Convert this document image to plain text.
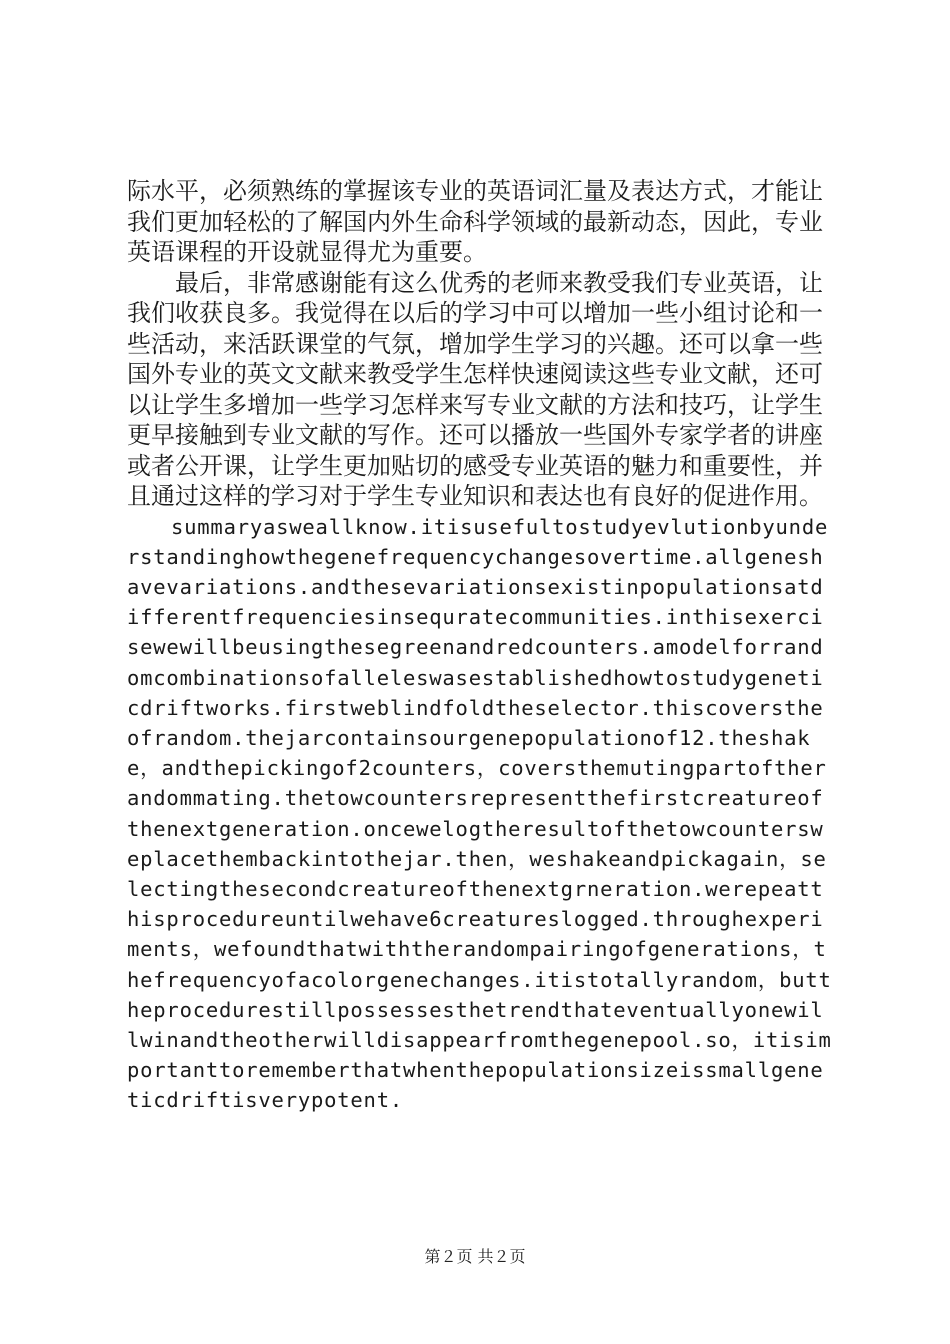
际水平，必须熟练的掌握该专业的英语词汇量及表达方式，才能让我们更加轻松的了解国内外生命科学领域的最新动态，因此，专业英语课程的开设就显得尤为重要。

最后，非常感谢能有这么优秀的老师来教受我们专业英语，让我们收获良多。我觉得在以后的学习中可以增加一些小组讨论和一些活动，来活跃课堂的气氛，增加学生学习的兴趣。还可以拿一些国外专业的英文文献来教受学生怎样快速阅读这些专业文献，还可以让学生多增加一些学习怎样来写专业文献的方法和技巧，让学生更早接触到专业文献的写作。还可以播放一些国外专家学者的讲座或者公开课，让学生更加贴切的感受专业英语的魅力和重要性，并且通过这样的学习对于学生专业知识和表达也有良好的促进作用。

summaryasweallknow.itisusefultostudyevlutionbyunderstandinghowthegenefrequencychangesovertime.allgeneshavevariations.andthesevariationsexistinpopulationsatdifferentfrequenciesinsequratecommunities.inthisexercisewewillbeusingthesegreenandredcounters.amodelforrandomcombinationsofalleleswasestablishedhowtostudygeneticdriftworks.firstweblindfoldtheselector.thiscoverstheofrandom.thejarcontainsourgenepopulationof12.theshake，andthepickingof2counters，coversthemutingpartoftherandommating.thetowcountersrepresentthefirstcreatureofthenextgeneration.oncewelogtheresultofthetowcounterswеplacethembackintothejar.then，weshakeandpickagain，selectingthesecondcreatureofthenextgrneration.werepeatthisprocedureuntilwehave6creatureslogged.throughexperiments，wefoundthatwiththerandompairingofgenerations，thefrequencyofacolorgenechanges.itistotallyrandom，buttheprocedurestillpossessesthetrendthateventuallyonewillwinandtheotherwilldisappearfromthegenepool.so，itisimportanttorememberthatwhenthepopulationsizeissmallgeneticdriftisverypotent.

第２页 共２页
